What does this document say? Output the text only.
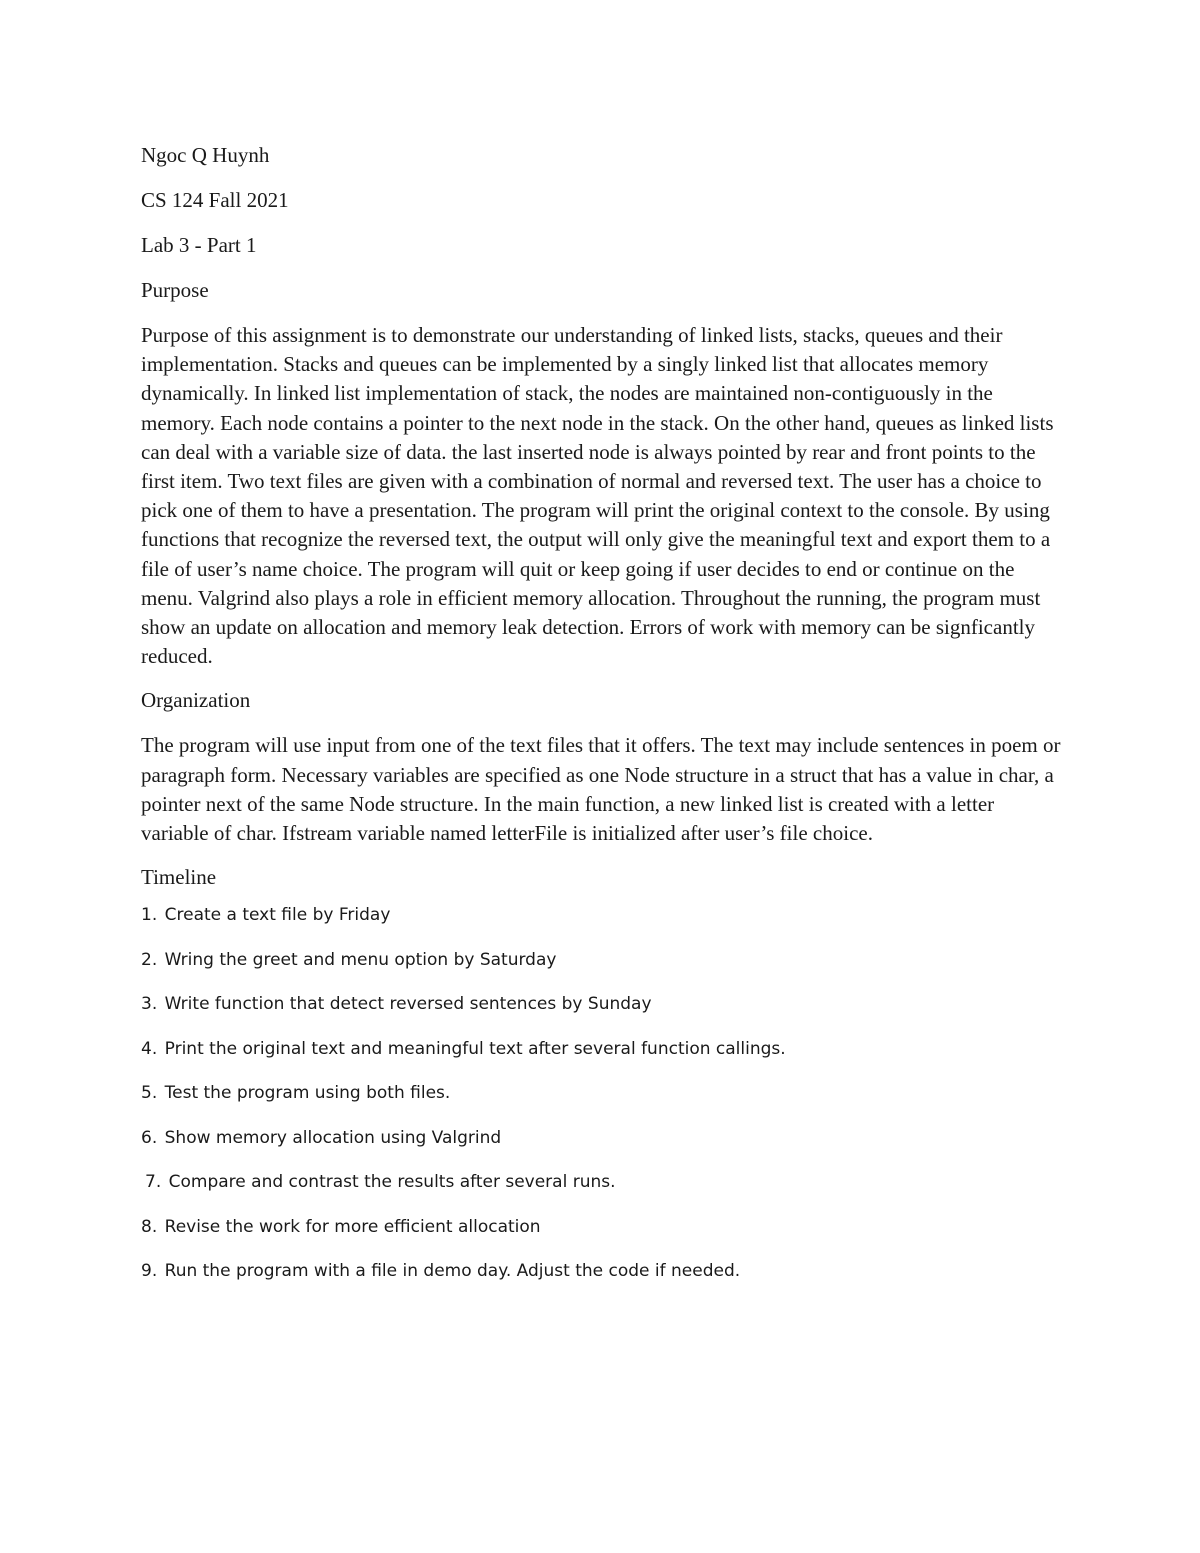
Ngoc Q Huynh

CS 124 Fall 2021

Lab 3 - Part 1

Purpose

Purpose of this assignment is to demonstrate our understanding of linked lists, stacks, queues and their implementation. Stacks and queues can be implemented by a singly linked list that allocates memory dynamically. In linked list implementation of stack, the nodes are maintained non-contiguously in the memory. Each node contains a pointer to the next node in the stack. On the other hand, queues as linked lists can deal with a variable size of data. the last inserted node is always pointed by rear and front points to the first item. Two text files are given with a combination of normal and reversed text. The user has a choice to pick one of them to have a presentation. The program will print the original context to the console. By using functions that recognize the reversed text, the output will only give the meaningful text and export them to a file of user’s name choice. The program will quit or keep going if user decides to end or continue on the menu. Valgrind also plays a role in efficient memory allocation. Throughout the running, the program must show an update on allocation and memory leak detection. Errors of work with memory can be signficantly reduced.

Organization

The program will use input from one of the text files that it offers. The text may include sentences in poem or paragraph form. Necessary variables are specified as one Node structure in a struct that has a value in char, a pointer next of the same Node structure. In the main function, a new linked list is created with a letter variable of char. Ifstream variable named letterFile is initialized after user’s file choice.

Timeline

1. Create a text file by Friday
2. Wring the greet and menu option by Saturday
3. Write function that detect reversed sentences by Sunday
4. Print the original text and meaningful text after several function callings.
5. Test the program using both files.
6. Show memory allocation using Valgrind
7. Compare and contrast the results after several runs.
8. Revise the work for more efficient allocation
9. Run the program with a file in demo day. Adjust the code if needed.
